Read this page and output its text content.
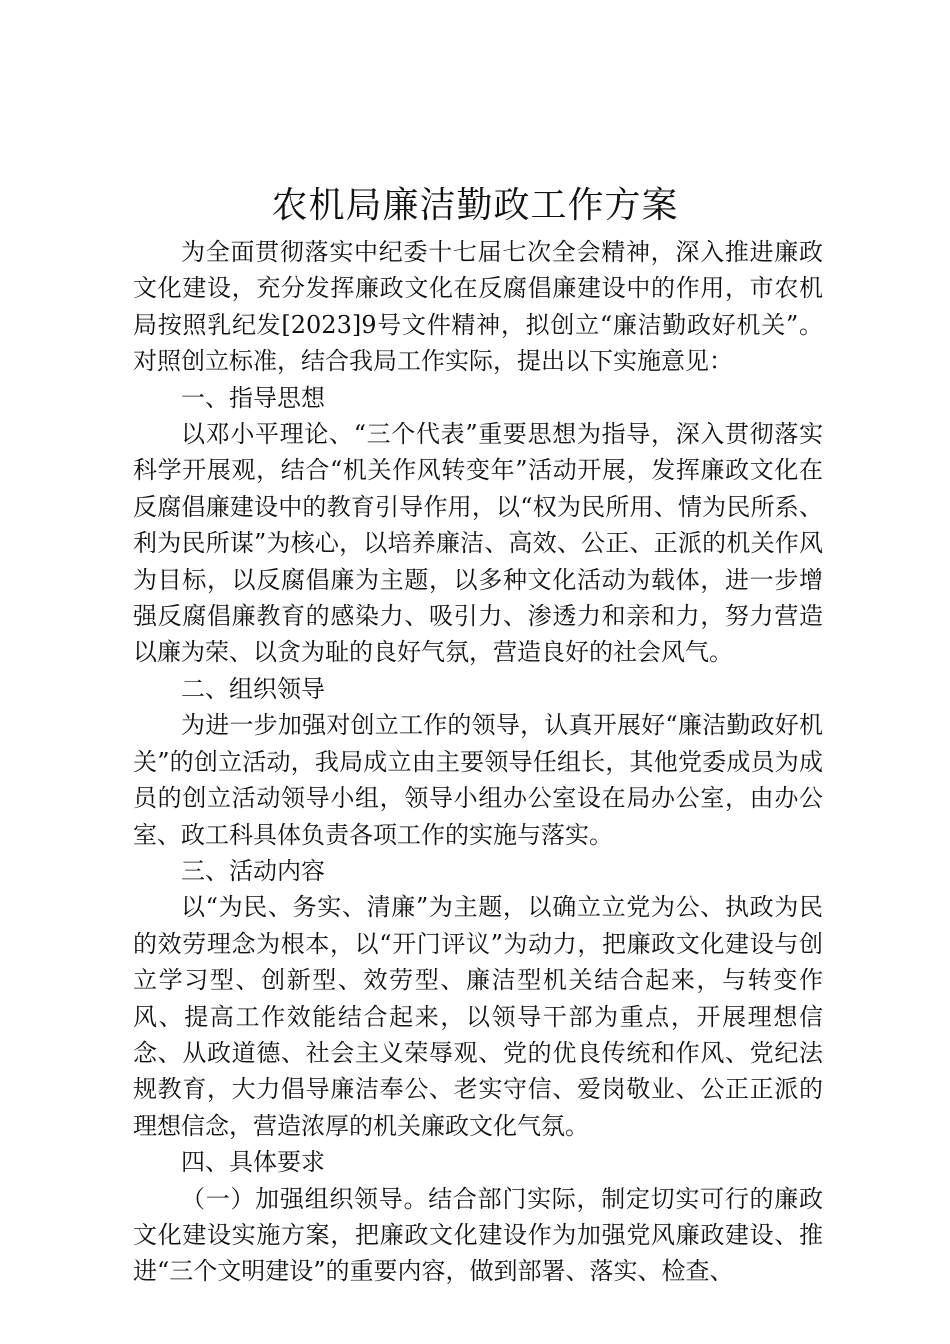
农机局廉洁勤政工作方案

为全面贯彻落实中纪委十七届七次全会精神，深入推进廉政文化建设，充分发挥廉政文化在反腐倡廉建设中的作用，市农机局按照乳纪发[2023]9号文件精神，拟创立“廉洁勤政好机关”。对照创立标准，结合我局工作实际，提出以下实施意见：

一、指导思想

以邓小平理论、“三个代表”重要思想为指导，深入贯彻落实科学开展观，结合“机关作风转变年”活动开展，发挥廉政文化在反腐倡廉建设中的教育引导作用，以“权为民所用、情为民所系、利为民所谋”为核心，以培养廉洁、高效、公正、正派的机关作风为目标，以反腐倡廉为主题，以多种文化活动为载体，进一步增强反腐倡廉教育的感染力、吸引力、渗透力和亲和力，努力营造以廉为荣、以贪为耻的良好气氛，营造良好的社会风气。

二、组织领导

为进一步加强对创立工作的领导，认真开展好“廉洁勤政好机关”的创立活动，我局成立由主要领导任组长，其他党委成员为成员的创立活动领导小组，领导小组办公室设在局办公室，由办公室、政工科具体负责各项工作的实施与落实。

三、活动内容

以“为民、务实、清廉”为主题，以确立立党为公、执政为民的效劳理念为根本，以“开门评议”为动力，把廉政文化建设与创立学习型、创新型、效劳型、廉洁型机关结合起来，与转变作风、提高工作效能结合起来，以领导干部为重点，开展理想信念、从政道德、社会主义荣辱观、党的优良传统和作风、党纪法规教育，大力倡导廉洁奉公、老实守信、爱岗敬业、公正正派的理想信念，营造浓厚的机关廉政文化气氛。

四、具体要求

（一）加强组织领导。结合部门实际，制定切实可行的廉政文化建设实施方案，把廉政文化建设作为加强党风廉政建设、推进“三个文明建设”的重要内容，做到部署、落实、检查、
